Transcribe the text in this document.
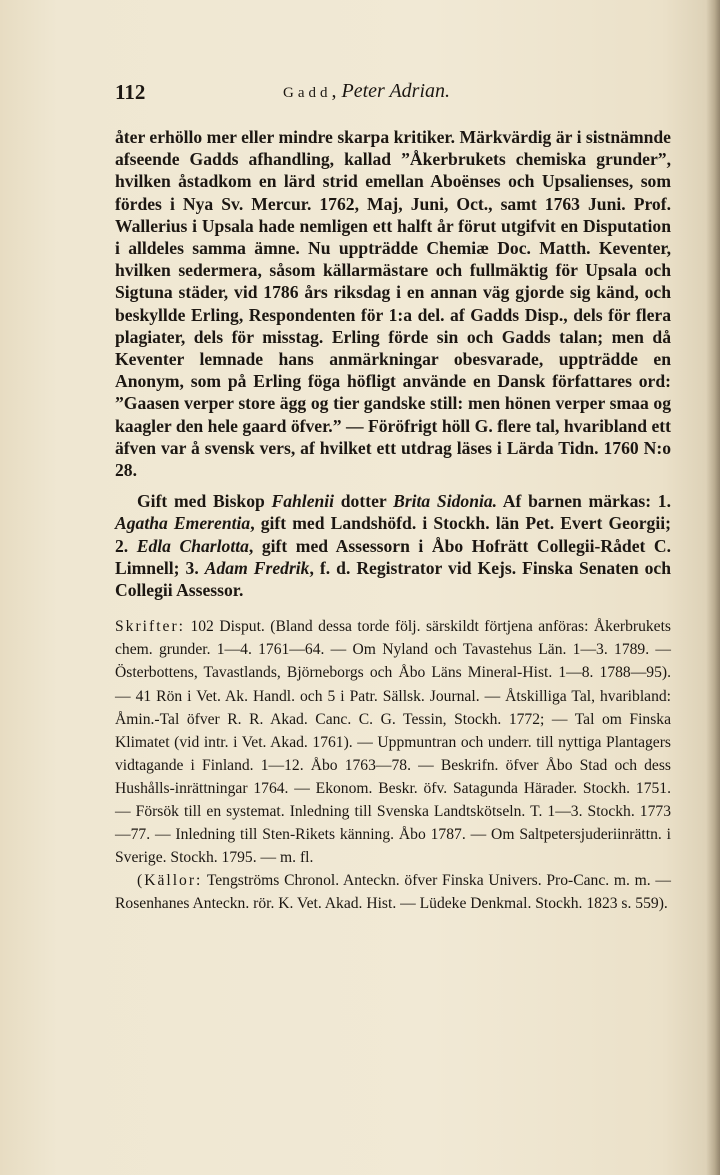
112	Gadd, Peter Adrian.

åter erhöllo mer eller mindre skarpa kritiker. Märkvärdig är i sistnämnde afseende Gadds afhandling, kallad ”Åkerbrukets chemiska grunder”, hvilken åstadkom en lärd strid emellan Aboënses och Upsalienses, som fördes i Nya Sv. Mercur. 1762, Maj, Juni, Oct., samt 1763 Juni. Prof. Wallerius i Upsala hade nemligen ett halft år förut utgifvit en Disputation i alldeles samma ämne. Nu uppträdde Chemiæ Doc. Matth. Keventer, hvilken sedermera, såsom källarmästare och fullmäktig för Upsala och Sigtuna städer, vid 1786 års riksdag i en annan väg gjorde sig känd, och beskyllde Erling, Respondenten för 1:a del. af Gadds Disp., dels för flera plagiater, dels för misstag. Erling förde sin och Gadds talan; men då Keventer lemnade hans anmärkningar obesvarade, uppträdde en Anonym, som på Erling föga höfligt använde en Dansk författares ord: ”Gaasen verper store ägg og tier gandske still: men hönen verper smaa og kaagler den hele gaard öfver.” — Föröfrigt höll G. flere tal, hvaribland ett äfven var å svensk vers, af hvilket ett utdrag läses i Lärda Tidn. 1760 N:o 28.

Gift med Biskop Fahlenii dotter Brita Sidonia. Af barnen märkas: 1. Agatha Emerentia, gift med Landshöfd. i Stockh. län Pet. Evert Georgii; 2. Edla Charlotta, gift med Assessorn i Åbo Hofrätt Collegii-Rådet C. Limnell; 3. Adam Fredrik, f. d. Registrator vid Kejs. Finska Senaten och Collegii Assessor.

Skrifter: 102 Disput. (Bland dessa torde följ. särskildt förtjena anföras: Åkerbrukets chem. grunder. 1—4. 1761—64. — Om Nyland och Tavastehus Län. 1—3. 1789. — Österbottens, Tavastlands, Björneborgs och Åbo Läns Mineral-Hist. 1—8. 1788—95). — 41 Rön i Vet. Ak. Handl. och 5 i Patr. Sällsk. Journal. — Åtskilliga Tal, hvaribland: Åmin.-Tal öfver R. R. Akad. Canc. C. G. Tessin, Stockh. 1772; — Tal om Finska Klimatet (vid intr. i Vet. Akad. 1761). — Uppmuntran och underr. till nyttiga Plantagers vidtagande i Finland. 1—12. Åbo 1763—78. — Beskrifn. öfver Åbo Stad och dess Hushålls-inrättningar 1764. — Ekonom. Beskr. öfv. Satagunda Härader. Stockh. 1751. — Försök till en systemat. Inledning till Svenska Landtskötseln. T. 1—3. Stockh. 1773—77. — Inledning till Sten-Rikets känning. Åbo 1787. — Om Saltpetersjuderiinrättn. i Sverige. Stockh. 1795. — m. fl.

(Källor: Tengströms Chronol. Anteckn. öfver Finska Univers. Pro-Canc. m. m. — Rosenhanes Anteckn. rör. K. Vet. Akad. Hist. — Lüdeke Denkmal. Stockh. 1823 s. 559).
